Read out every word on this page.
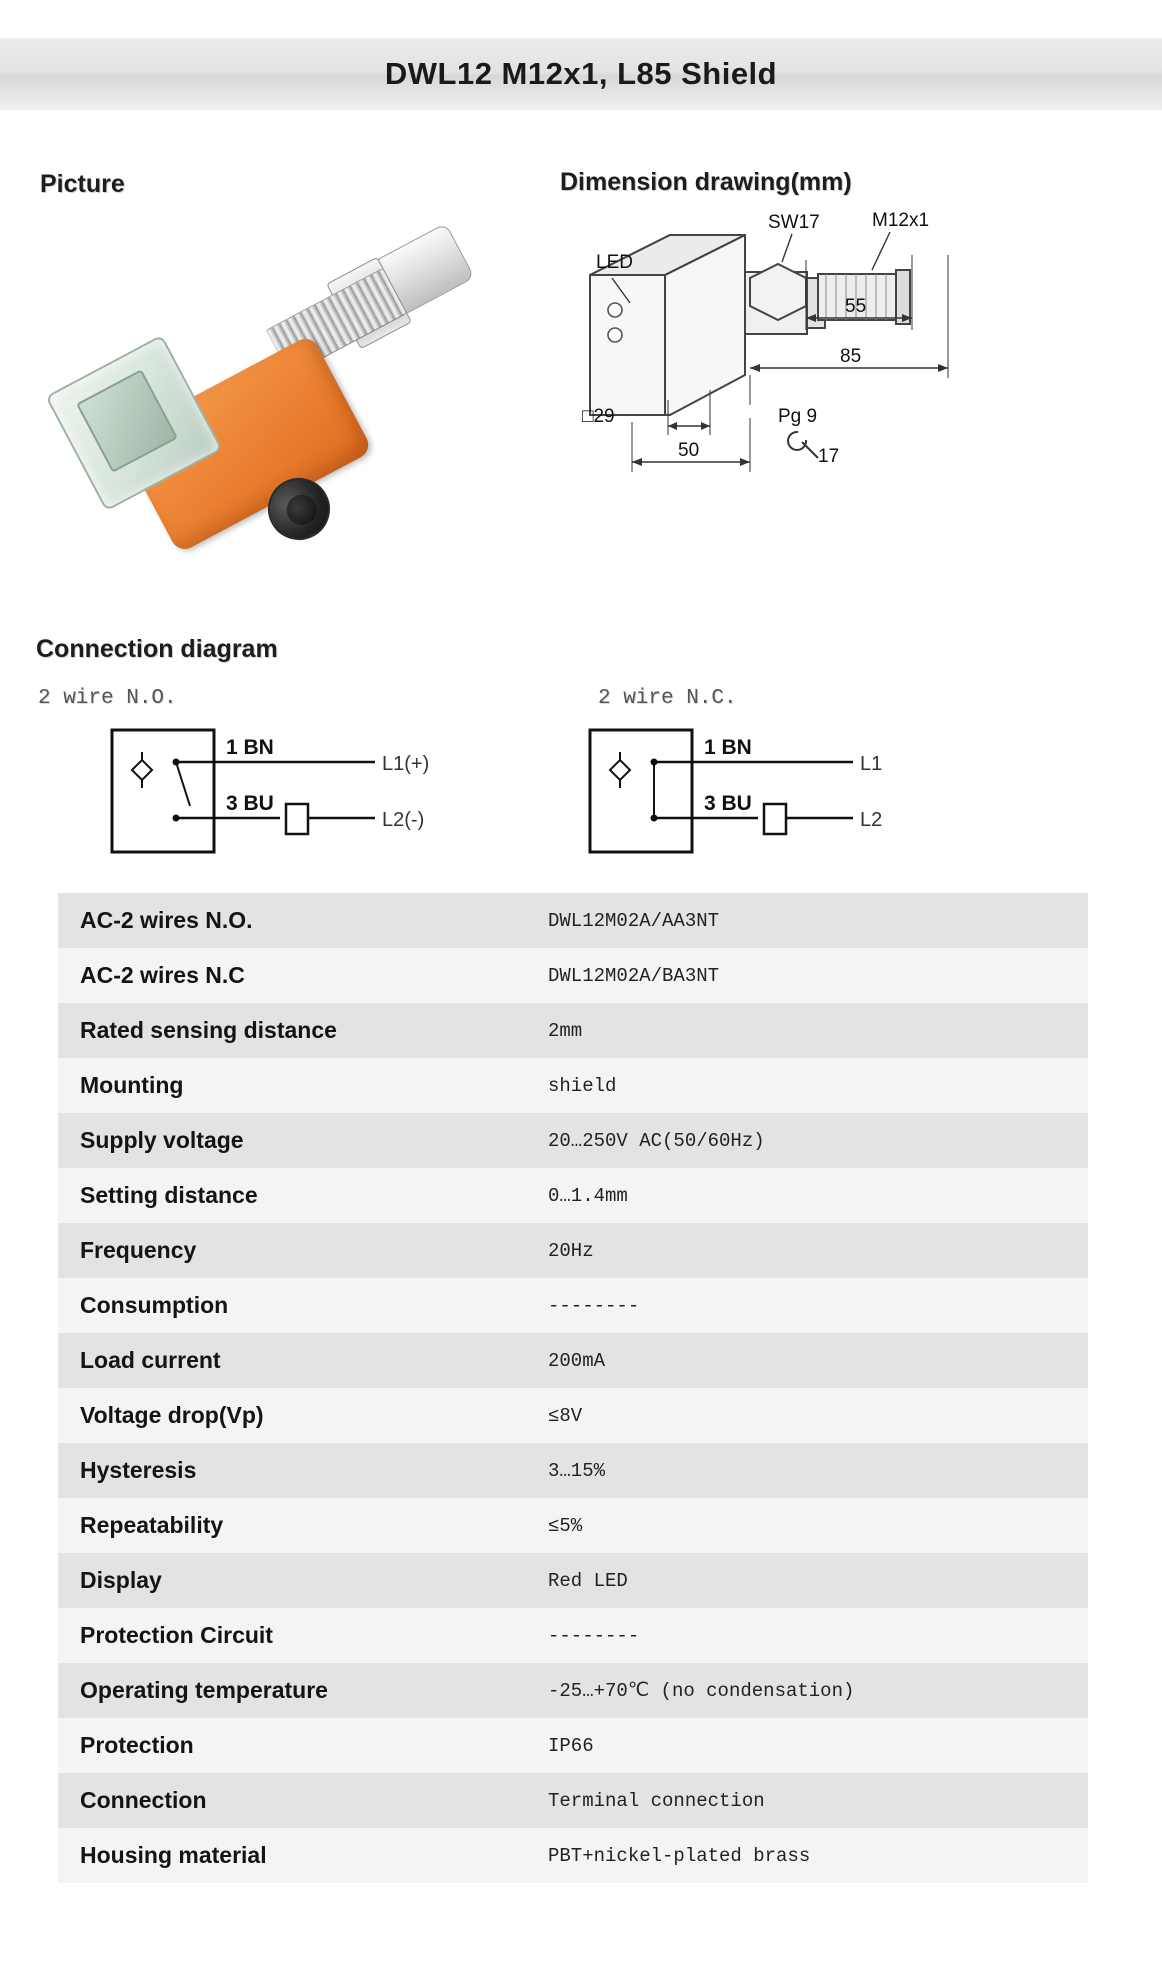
DWL12 M12x1, L85 Shield
Picture	Dimension drawing(mm)
Connection diagram
LED
SW17	M12x1
55
85
50
□29	Pg 9
17
2 wire N.O.	2 wire N.C.
1 BN
3 BU
L1(+)
L2(-)
1 BN
3 BU
L1
L2
kinsly-automation.com	kinsly-automation.com
kinsly-automation.com
AC-2 wires N.O.	DWL12M02A/AA3NT
AC-2 wires N.C	DWL12M02A/BA3NT
Rated sensing distance	2mm
Mounting	shield
Supply voltage	20…250V AC(50/60Hz)
Setting distance	0…1.4mm
Frequency	20Hz
Consumption	--------
Load current	200mA
Voltage drop(Vp)	≤8V
Hysteresis	3…15%
Repeatability	≤5%
Display	Red LED
Protection Circuit	--------
Operating temperature	-25…+70℃ (no condensation)
Protection	IP66
Connection	Terminal connection
Housing material	PBT+nickel-plated brass
